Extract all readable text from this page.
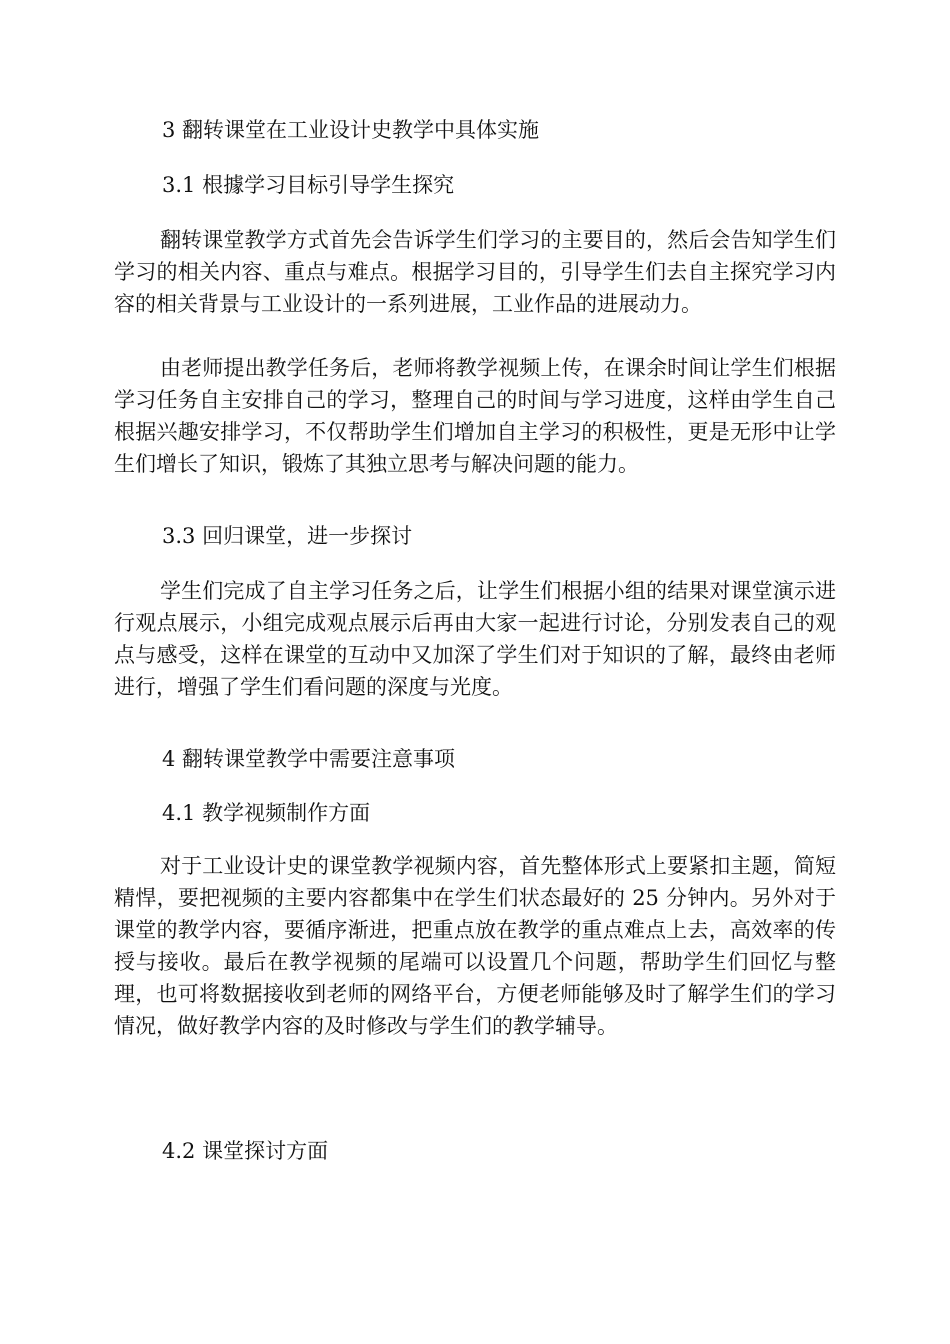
3 翻转课堂在工业设计史教学中具体实施

3.1 根據学习目标引导学生探究

翻转课堂教学方式首先会告诉学生们学习的主要目的，然后会告知学生们学习的相关内容、重点与难点。根据学习目的，引导学生们去自主探究学习内容的相关背景与工业设计的一系列进展，工业作品的进展动力。

由老师提出教学任务后，老师将教学视频上传，在课余时间让学生们根据学习任务自主安排自己的学习，整理自己的时间与学习进度，这样由学生自己根据兴趣安排学习，不仅帮助学生们增加自主学习的积极性，更是无形中让学生们增长了知识，锻炼了其独立思考与解决问题的能力。

3.3 回归课堂，进一步探讨

学生们完成了自主学习任务之后，让学生们根据小组的结果对课堂演示进行观点展示，小组完成观点展示后再由大家一起进行讨论，分别发表自己的观点与感受，这样在课堂的互动中又加深了学生们对于知识的了解，最终由老师进行，增强了学生们看问题的深度与光度。

4 翻转课堂教学中需要注意事项

4.1 教学视频制作方面

对于工业设计史的课堂教学视频内容，首先整体形式上要紧扣主题，简短精悍，要把视频的主要内容都集中在学生们状态最好的 25 分钟内。另外对于课堂的教学内容，要循序渐进，把重点放在教学的重点难点上去，高效率的传授与接收。最后在教学视频的尾端可以设置几个问题，帮助学生们回忆与整理，也可将数据接收到老师的网络平台，方便老师能够及时了解学生们的学习情况，做好教学内容的及时修改与学生们的教学辅导。

4.2 课堂探讨方面
